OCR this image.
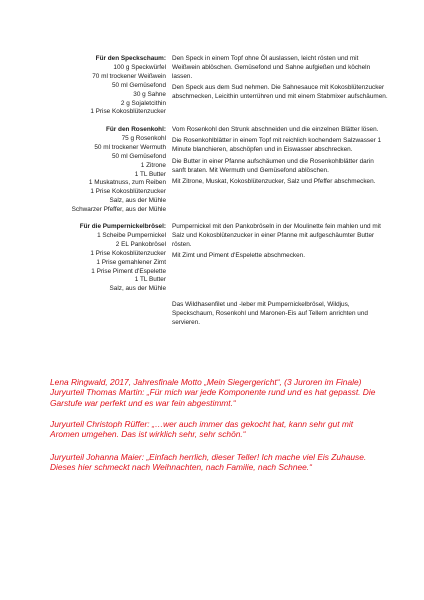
Für den Speckschaum:
100 g Speckwürfel
70 ml trockener Weißwein
50 ml Gemüsefond
30 g Sahne
2 g Sojaletcithin
1 Prise Kokosblütenzucker

Den Speck in einem Topf ohne Öl auslassen, leicht rösten und mit Weißwein ablöschen. Gemüsefond und Sahne aufgießen und köcheln lassen.

Den Speck aus dem Sud nehmen. Die Sahnesauce mit Kokosblütenzucker abschmecken, Leicithin unterrühren und mit einem Stabmixer aufschäumen.

Für den Rosenkohl:
75 g Rosenkohl
50 ml trockener Wermuth
50 ml Gemüsefond
1 Zitrone
1 TL Butter
1 Muskatnuss, zum Reiben
1 Prise Kokosblütenzucker
Salz, aus der Mühle
Schwarzer Pfeffer, aus der Mühle

Vom Rosenkohl den Strunk abschneiden und die einzelnen Blätter lösen.

Die Rosenkohlblätter in einem Topf mit reichlich kochendem Salzwasser 1 Minute blanchieren, abschöpfen und in Eiswasser abschrecken.

Die Butter in einer Pfanne aufschäumen und die Rosenkohlblätter darin sanft braten. Mit Wermuth und Gemüsefond ablöschen.

Mit Zitrone, Muskat, Kokosblütenzucker, Salz und Pfeffer abschmecken.

Für die Pumpernickelbrösel:
1 Scheibe Pumpernickel
2 EL Pankobrösel
1 Prise Kokosblütenzucker
1 Prise gemahlener Zimt
1 Prise Piment d'Espelette
1 TL Butter
Salz, aus der Mühle

Pumpernickel mit den Pankobröseln in der Moulinette fein mahlen und mit Salz und Kokosblütenzucker in einer Pfanne mit aufgeschäumter Butter rösten.

Mit Zimt und Piment d'Espelette abschmecken.

Das Wildhasenfilet und -leber mit Pumpernickelbrösel, Wildjus, Speckschaum, Rosenkohl und Maronen-Eis auf Tellern anrichten und servieren.

Lena Ringwald, 2017, Jahresfinale Motto „Mein Siegergericht“, (3 Juroren im Finale)

Juryurteil Thomas Martin: „Für mich war jede Komponente rund und es hat gepasst. Die Garstufe war perfekt und es war fein abgestimmt.“

Juryurteil Christoph Rüffer: „…wer auch immer das gekocht hat, kann sehr gut mit Aromen umgehen. Das ist wirklich sehr, sehr schön.“

Juryurteil Johanna Maier: „Einfach herrlich, dieser Teller! Ich mache viel Eis Zuhause. Dieses hier schmeckt nach Weihnachten, nach Familie, nach Schnee.“
